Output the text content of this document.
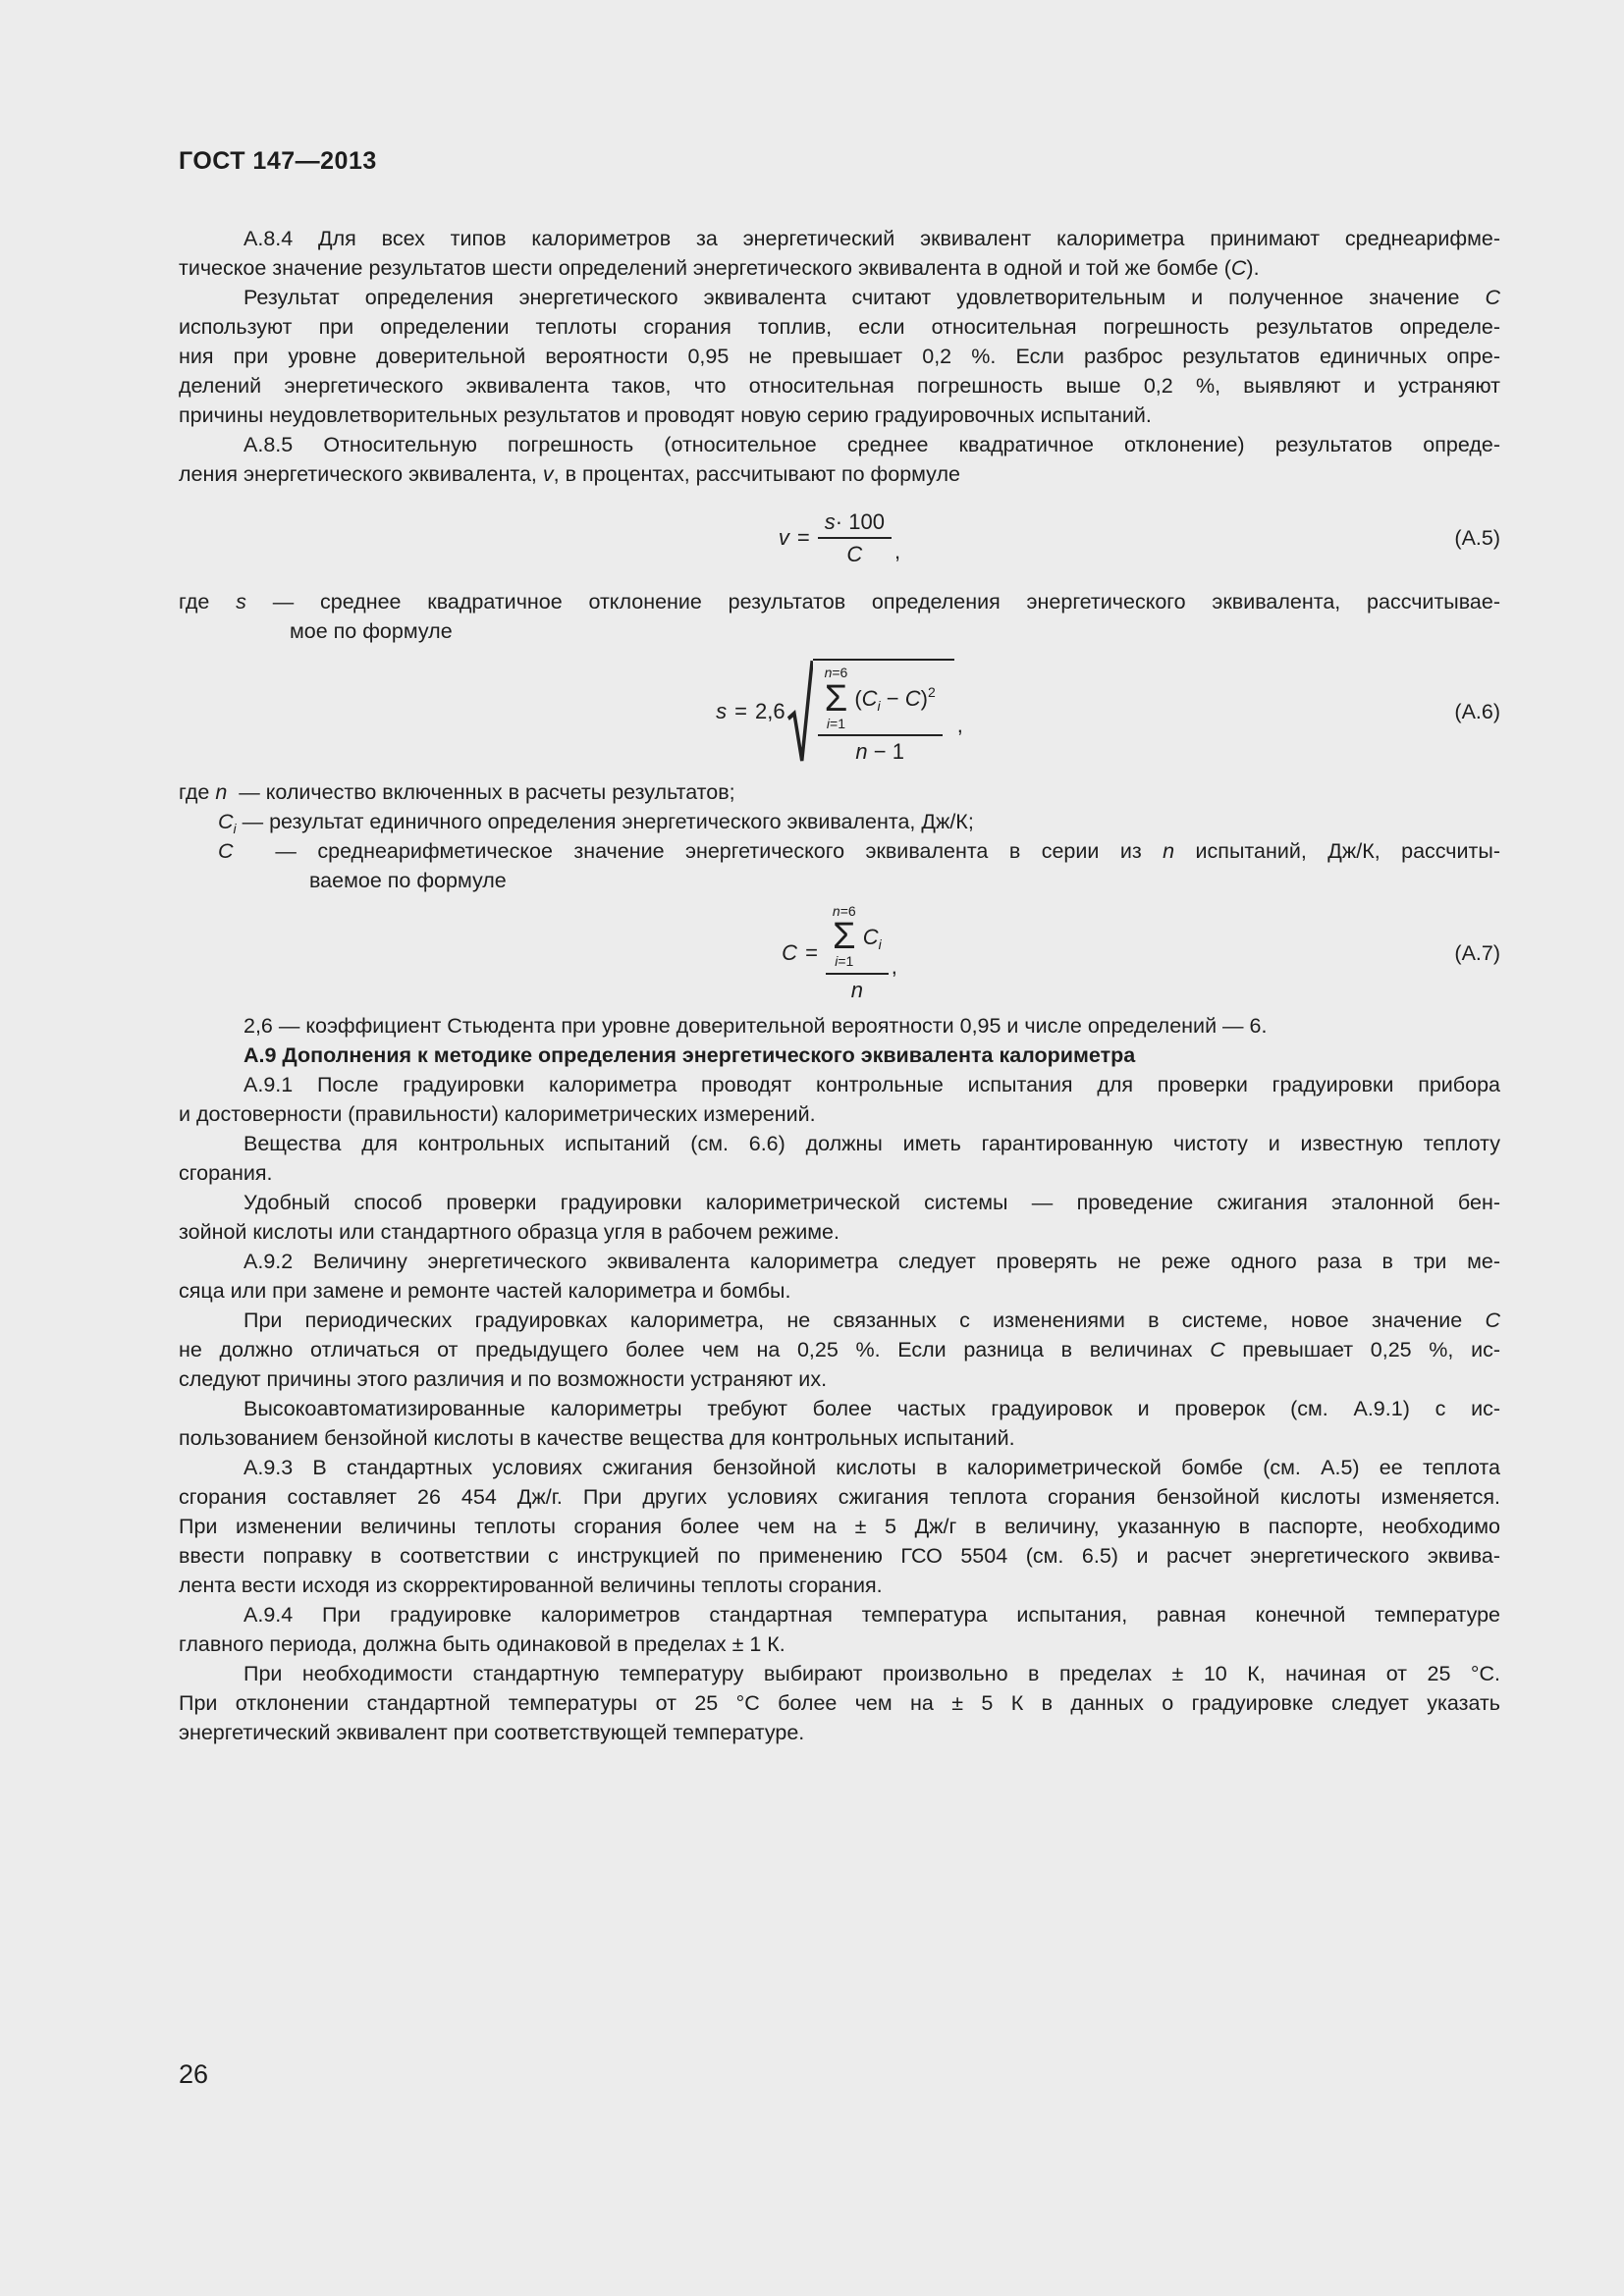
ГОСТ 147—2013
А.8.4 Для всех типов калориметров за энергетический эквивалент калориметра принимают среднеарифме-
тическое значение результатов шести определений энергетического эквивалента в одной и той же бомбе (С).
Результат определения энергетического эквивалента считают удовлетворительным и полученное значение С
используют при определении теплоты сгорания топлив, если относительная погрешность результатов определе-
ния при уровне доверительной вероятности 0,95 не превышает 0,2 %. Если разброс результатов единичных опре-
делений энергетического эквивалента таков, что относительная погрешность выше 0,2 %, выявляют и устраняют
причины неудовлетворительных результатов и проводят новую серию градуировочных испытаний.
А.8.5 Относительную погрешность (относительное среднее квадратичное отклонение) результатов опреде-
ления энергетического эквивалента, v, в процентах, рассчитывают по формуле
$v = \frac{s \cdot 100}{C}$ ,
(А.5)
где s — среднее квадратичное отклонение результатов определения энергетического эквивалента, рассчитывае-
мое по формуле
s = 2,6
n=6
Σ
i=1
$(C_i - C)^2$
n − 1
,
(А.6)
где n  — количество включенных в расчеты результатов;
$C_i$ — результат единичного определения энергетического эквивалента, Дж/К;
C  — среднеарифметическое значение энергетического эквивалента в серии из n испытаний, Дж/К, рассчиты-
ваемое по формуле
C = n=6
Σ
i=1
$C_i$
n ,
(А.7)
2,6 — коэффициент Стьюдента при уровне доверительной вероятности 0,95 и числе определений — 6.
А.9 Дополнения к методике определения энергетического эквивалента калориметра
А.9.1 После градуировки калориметра проводят контрольные испытания для проверки градуировки прибора
и достоверности (правильности) калориметрических измерений.
Вещества для контрольных испытаний (см. 6.6) должны иметь гарантированную чистоту и известную теплоту
сгорания.
Удобный способ проверки градуировки калориметрической системы — проведение сжигания эталонной бен-
зойной кислоты или стандартного образца угля в рабочем режиме.
А.9.2 Величину энергетического эквивалента калориметра следует проверять не реже одного раза в три ме-
сяца или при замене и ремонте частей калориметра и бомбы.
При периодических градуировках калориметра, не связанных с изменениями в системе, новое значение С
не должно отличаться от предыдущего более чем на 0,25 %. Если разница в величинах С превышает 0,25 %, ис-
следуют причины этого различия и по возможности устраняют их.
Высокоавтоматизированные калориметры требуют более частых градуировок и проверок (см. А.9.1) с ис-
пользованием бензойной кислоты в качестве вещества для контрольных испытаний.
А.9.3 В стандартных условиях сжигания бензойной кислоты в калориметрической бомбе (см. А.5) ее теплота
сгорания составляет 26 454 Дж/г. При других условиях сжигания теплота сгорания бензойной кислоты изменяется.
При изменении величины теплоты сгорания более чем на ± 5 Дж/г в величину, указанную в паспорте, необходимо
ввести поправку в соответствии с инструкцией по применению ГСО 5504 (см. 6.5) и расчет энергетического эквива-
лента вести исходя из скорректированной величины теплоты сгорания.
А.9.4 При градуировке калориметров стандартная температура испытания, равная конечной температуре
главного периода, должна быть одинаковой в пределах ± 1 К.
При необходимости стандартную температуру выбирают произвольно в пределах ± 10 К, начиная от 25 °С.
При отклонении стандартной температуры от 25 °С более чем на ± 5 К в данных о градуировке следует указать
энергетический эквивалент при соответствующей температуре.
26
